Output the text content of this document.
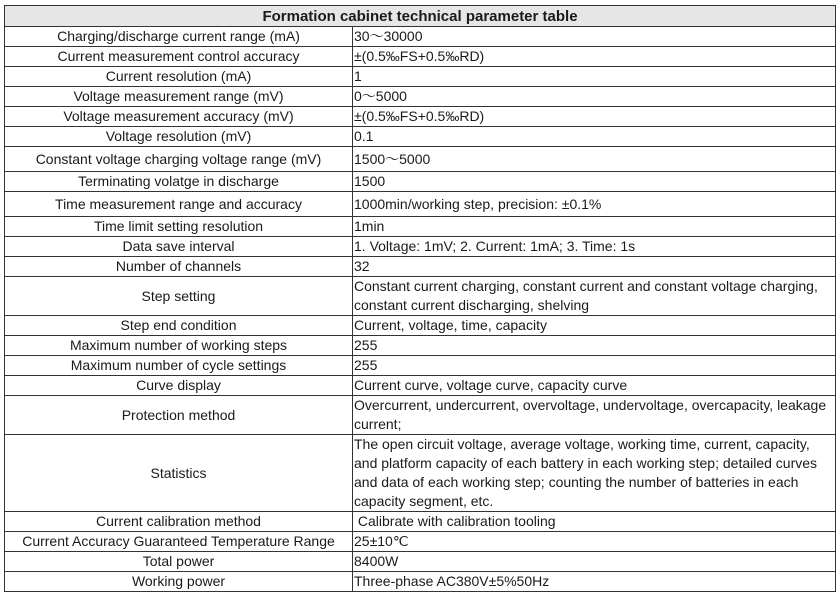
Formation cabinet technical parameter table	
Charging/discharge current range (mA)	30～30000
Current measurement control accuracy	±(0.5‰FS+0.5‰RD)
Current resolution (mA)	1
Voltage measurement range (mV)	0～5000
Voltage measurement accuracy (mV)	±(0.5‰FS+0.5‰RD)
Voltage resolution (mV)	0.1
Constant voltage charging voltage range (mV)	1500～5000
Terminating volatge in discharge	1500
Time measurement range and accuracy	1000min/working step, precision: ±0.1%
Time limit setting resolution	1min
Data save interval	1. Voltage: 1mV; 2. Current: 1mA; 3. Time: 1s
Number of channels	32
Step setting	Constant current charging, constant current and constant voltage charging, constant current discharging, shelving
Step end condition	Current, voltage, time, capacity
Maximum number of working steps	255
Maximum number of cycle settings	255
Curve display	Current curve, voltage curve, capacity curve
Protection method	Overcurrent, undercurrent, overvoltage, undervoltage, overcapacity, leakage current;
Statistics	The open circuit voltage, average voltage, working time, current, capacity, and platform capacity of each battery in each working step; detailed curves and data of each working step; counting the number of batteries in each capacity segment, etc.
Current calibration method	Calibrate with calibration tooling
Current Accuracy Guaranteed Temperature Range	25±10℃
Total power	8400W
Working power	Three-phase AC380V±5%50Hz
